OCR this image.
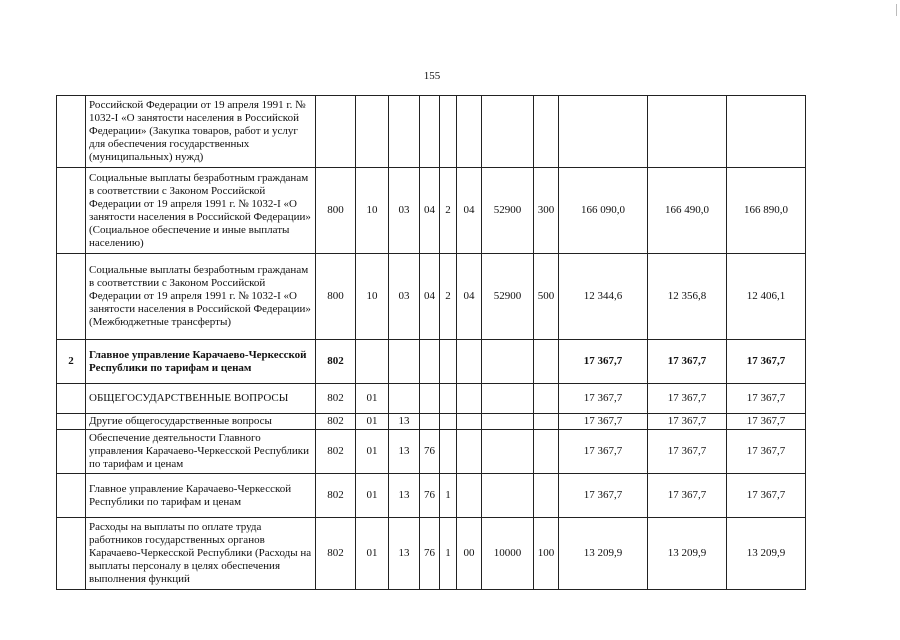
155
	Российской Федерации от 19 апреля 1991 г. № 1032-I «О занятости населения в Российской Федерации» (Закупка товаров, работ и услуг для обеспечения государственных (муниципальных) нужд)											
	Социальные выплаты безработным гражданам в соответствии с Законом Российской Федерации от 19 апреля 1991 г. № 1032-I «О занятости населения в Российской Федерации» (Социальное обеспечение и иные выплаты населению)	800	10	03	04	2	04	52900	300	166 090,0	166 490,0	166 890,0
	Социальные выплаты безработным гражданам в соответствии с Законом Российской Федерации от 19 апреля 1991 г. № 1032-I «О занятости населения в Российской Федерации» (Межбюджетные трансферты)	800	10	03	04	2	04	52900	500	12 344,6	12 356,8	12 406,1
2	Главное управление Карачаево-Черкесской Республики по тарифам и ценам	802								17 367,7	17 367,7	17 367,7
	ОБЩЕГОСУДАРСТВЕННЫЕ ВОПРОСЫ	802	01							17 367,7	17 367,7	17 367,7
	Другие общегосударственные вопросы	802	01	13						17 367,7	17 367,7	17 367,7
	Обеспечение деятельности Главного управления Карачаево-Черкесской Республики по тарифам и ценам	802	01	13	76					17 367,7	17 367,7	17 367,7
	Главное управление Карачаево-Черкесской Республики по тарифам и ценам	802	01	13	76	1				17 367,7	17 367,7	17 367,7
	Расходы на выплаты по оплате труда работников государственных органов Карачаево-Черкесской Республики (Расходы на выплаты персоналу в целях обеспечения выполнения функций	802	01	13	76	1	00	10000	100	13 209,9	13 209,9	13 209,9
